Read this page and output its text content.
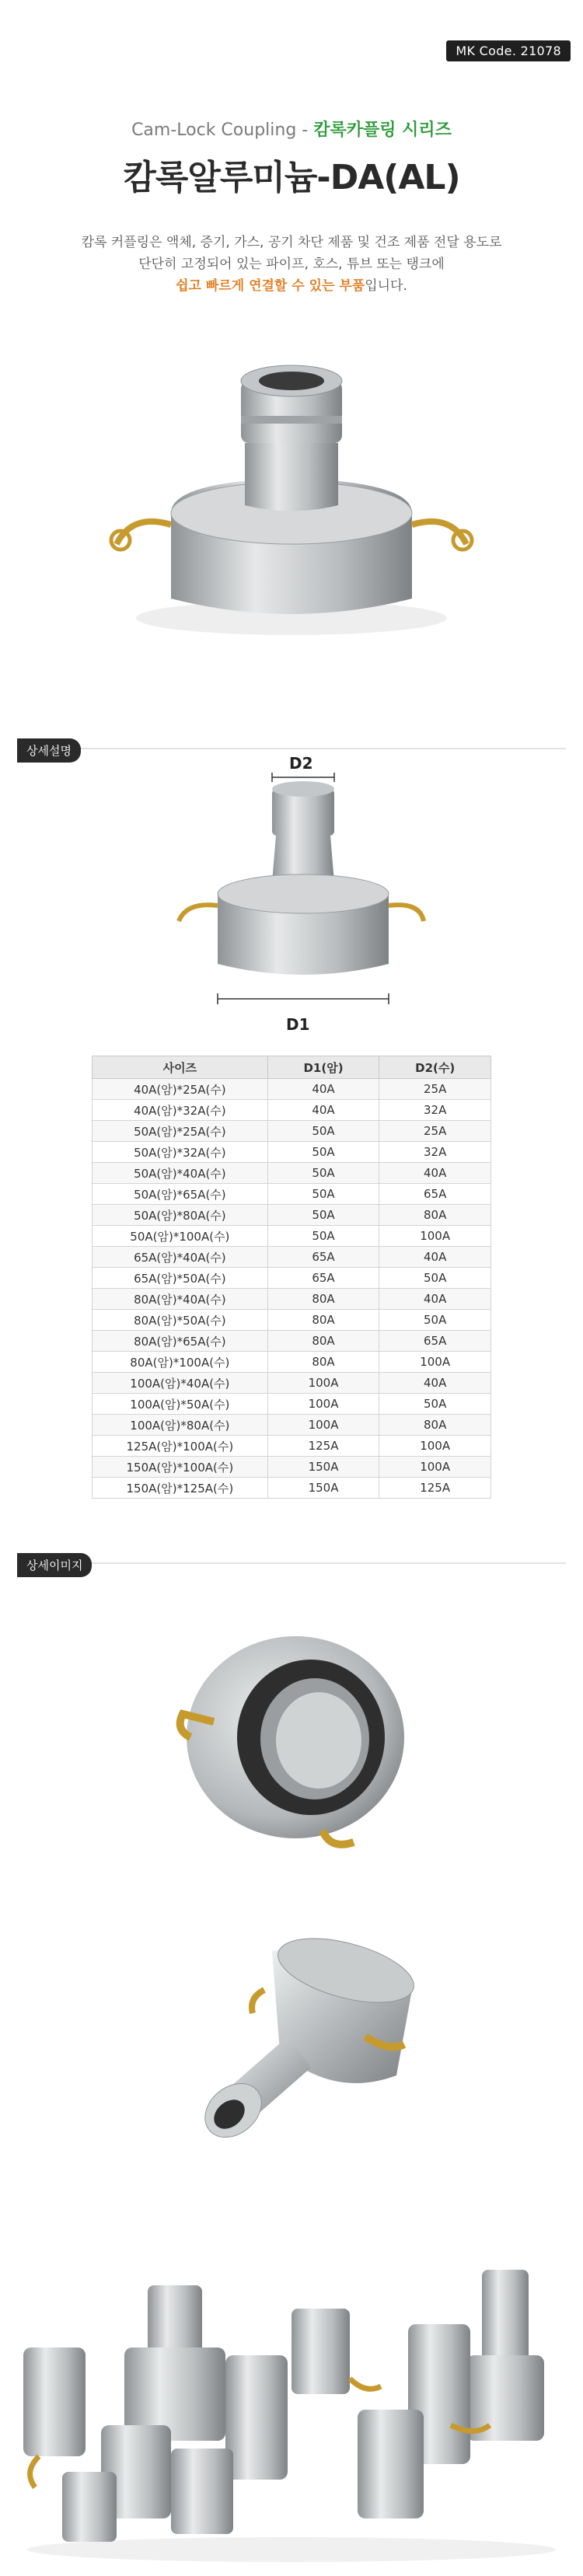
MK Code. 21078
Cam-Lock Coupling - 캄록카플링 시리즈
캄록알루미늄-DA(AL)
캄록 커플링은 액체, 증기, 가스, 공기 차단 제품 및 건조 제품 전달 용도로
단단히 고정되어 있는 파이프, 호스, 튜브 또는 탱크에
쉽고 빠르게 연결할 수 있는 부품입니다.
상세설명
D2
D1
사이즈	D1(암)	D2(수)
40A(암)*25A(수)	40A	25A
40A(암)*32A(수)	40A	32A
50A(암)*25A(수)	50A	25A
50A(암)*32A(수)	50A	32A
50A(암)*40A(수)	50A	40A
50A(암)*65A(수)	50A	65A
50A(암)*80A(수)	50A	80A
50A(암)*100A(수)	50A	100A
65A(암)*40A(수)	65A	40A
65A(암)*50A(수)	65A	50A
80A(암)*40A(수)	80A	40A
80A(암)*50A(수)	80A	50A
80A(암)*65A(수)	80A	65A
80A(암)*100A(수)	80A	100A
100A(암)*40A(수)	100A	40A
100A(암)*50A(수)	100A	50A
100A(암)*80A(수)	100A	80A
125A(암)*100A(수)	125A	100A
150A(암)*100A(수)	150A	100A
150A(암)*125A(수)	150A	125A
상세이미지
